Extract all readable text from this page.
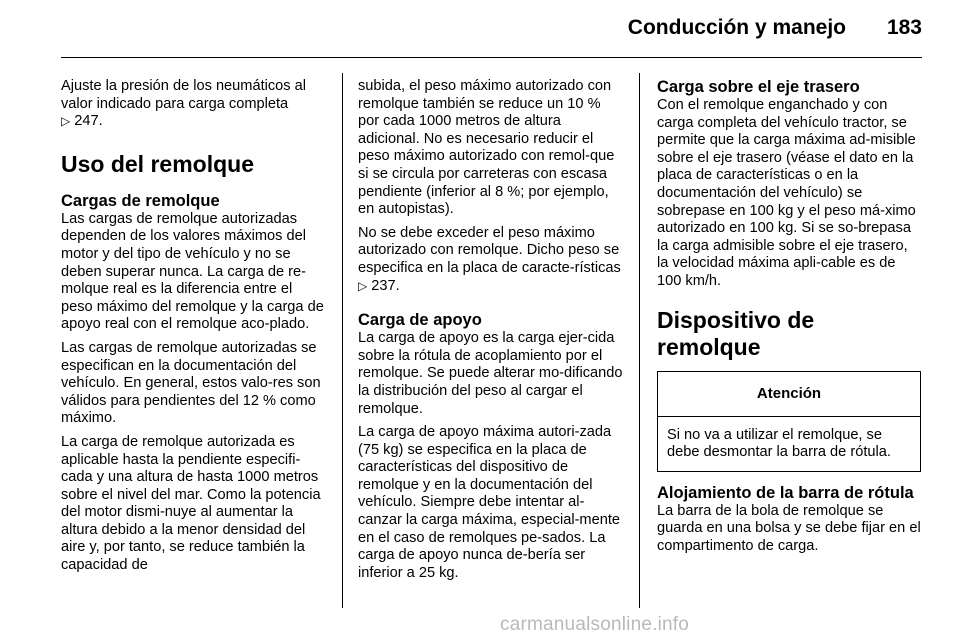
Conducción y manejo 183

Ajuste la presión de los neumáticos al valor indicado para carga completa
▷ 247.

Uso del remolque
Cargas de remolque

Las cargas de remolque autorizadas dependen de los valores máximos del motor y del tipo de vehículo y no se deben superar nunca. La carga de re-molque real es la diferencia entre el peso máximo del remolque y la carga de apoyo real con el remolque aco-plado.

Las cargas de remolque autorizadas se especifican en la documentación del vehículo. En general, estos valo-res son válidos para pendientes del 12 % como máximo.

La carga de remolque autorizada es aplicable hasta la pendiente especifi-cada y una altura de hasta 1000 metros sobre el nivel del mar. Como la potencia del motor dismi-nuye al aumentar la altura debido a la menor densidad del aire y, por tanto, se reduce también la capacidad de

subida, el peso máximo autorizado con remolque también se reduce un 10 % por cada 1000 metros de altura adicional. No es necesario reducir el peso máximo autorizado con remol-que si se circula por carreteras con escasa pendiente (inferior al 8 %; por ejemplo, en autopistas).

No se debe exceder el peso máximo autorizado con remolque. Dicho peso se especifica en la placa de caracte-rísticas ▷ 237.

Carga de apoyo

La carga de apoyo es la carga ejer-cida sobre la rótula de acoplamiento por el remolque. Se puede alterar mo-dificando la distribución del peso al cargar el remolque.

La carga de apoyo máxima autori-zada (75 kg) se especifica en la placa de características del dispositivo de remolque y en la documentación del vehículo. Siempre debe intentar al-canzar la carga máxima, especial-mente en el caso de remolques pe-sados. La carga de apoyo nunca de-bería ser inferior a 25 kg.

Carga sobre el eje trasero

Con el remolque enganchado y con carga completa del vehículo tractor, se permite que la carga máxima ad-misible sobre el eje trasero (véase el dato en la placa de características o en la documentación del vehículo) se sobrepase en 100 kg y el peso má-ximo autorizado en 100 kg. Si se so-brepasa la carga admisible sobre el eje trasero, la velocidad máxima apli-cable es de 100 km/h.

Dispositivo de remolque
Atención
Si no va a utilizar el remolque, se debe desmontar la barra de rótula.
Alojamiento de la barra de rótula

La barra de la bola de remolque se guarda en una bolsa y se debe fijar en el compartimento de carga.

carmanualsonline.info
